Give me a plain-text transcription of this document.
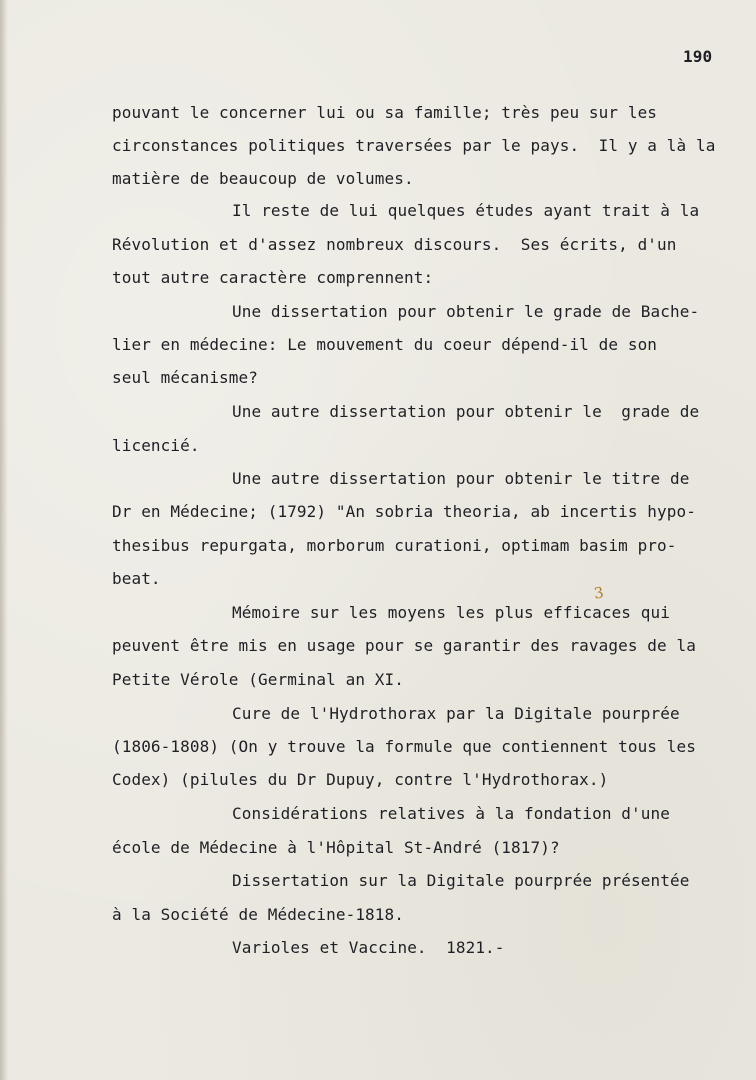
190
pouvant le concerner lui ou sa famille; très peu sur les
circonstances politiques traversées par le pays.  Il y a là la
matière de beaucoup de volumes.
Il reste de lui quelques études ayant trait à la
Révolution et d'assez nombreux discours.  Ses écrits, d'un
tout autre caractère comprennent:
Une dissertation pour obtenir le grade de Bache-
lier en médecine: Le mouvement du coeur dépend-il de son
seul mécanisme?
Une autre dissertation pour obtenir le  grade de
licencié.
Une autre dissertation pour obtenir le titre de
Dr en Médecine; (1792) "An sobria theoria, ab incertis hypo-
thesibus repurgata, morborum curationi, optimam basim pro-
beat.
3
Mémoire sur les moyens les plus efficaces qui
peuvent être mis en usage pour se garantir des ravages de la
Petite Vérole (Germinal an XI.
Cure de l'Hydrothorax par la Digitale pourprée
(1806-1808) (On y trouve la formule que contiennent tous les
Codex) (pilules du Dr Dupuy, contre l'Hydrothorax.)
Considérations relatives à la fondation d'une
école de Médecine à l'Hôpital St-André (1817)?
Dissertation sur la Digitale pourprée présentée
à la Société de Médecine-1818.
Varioles et Vaccine.  1821.-
